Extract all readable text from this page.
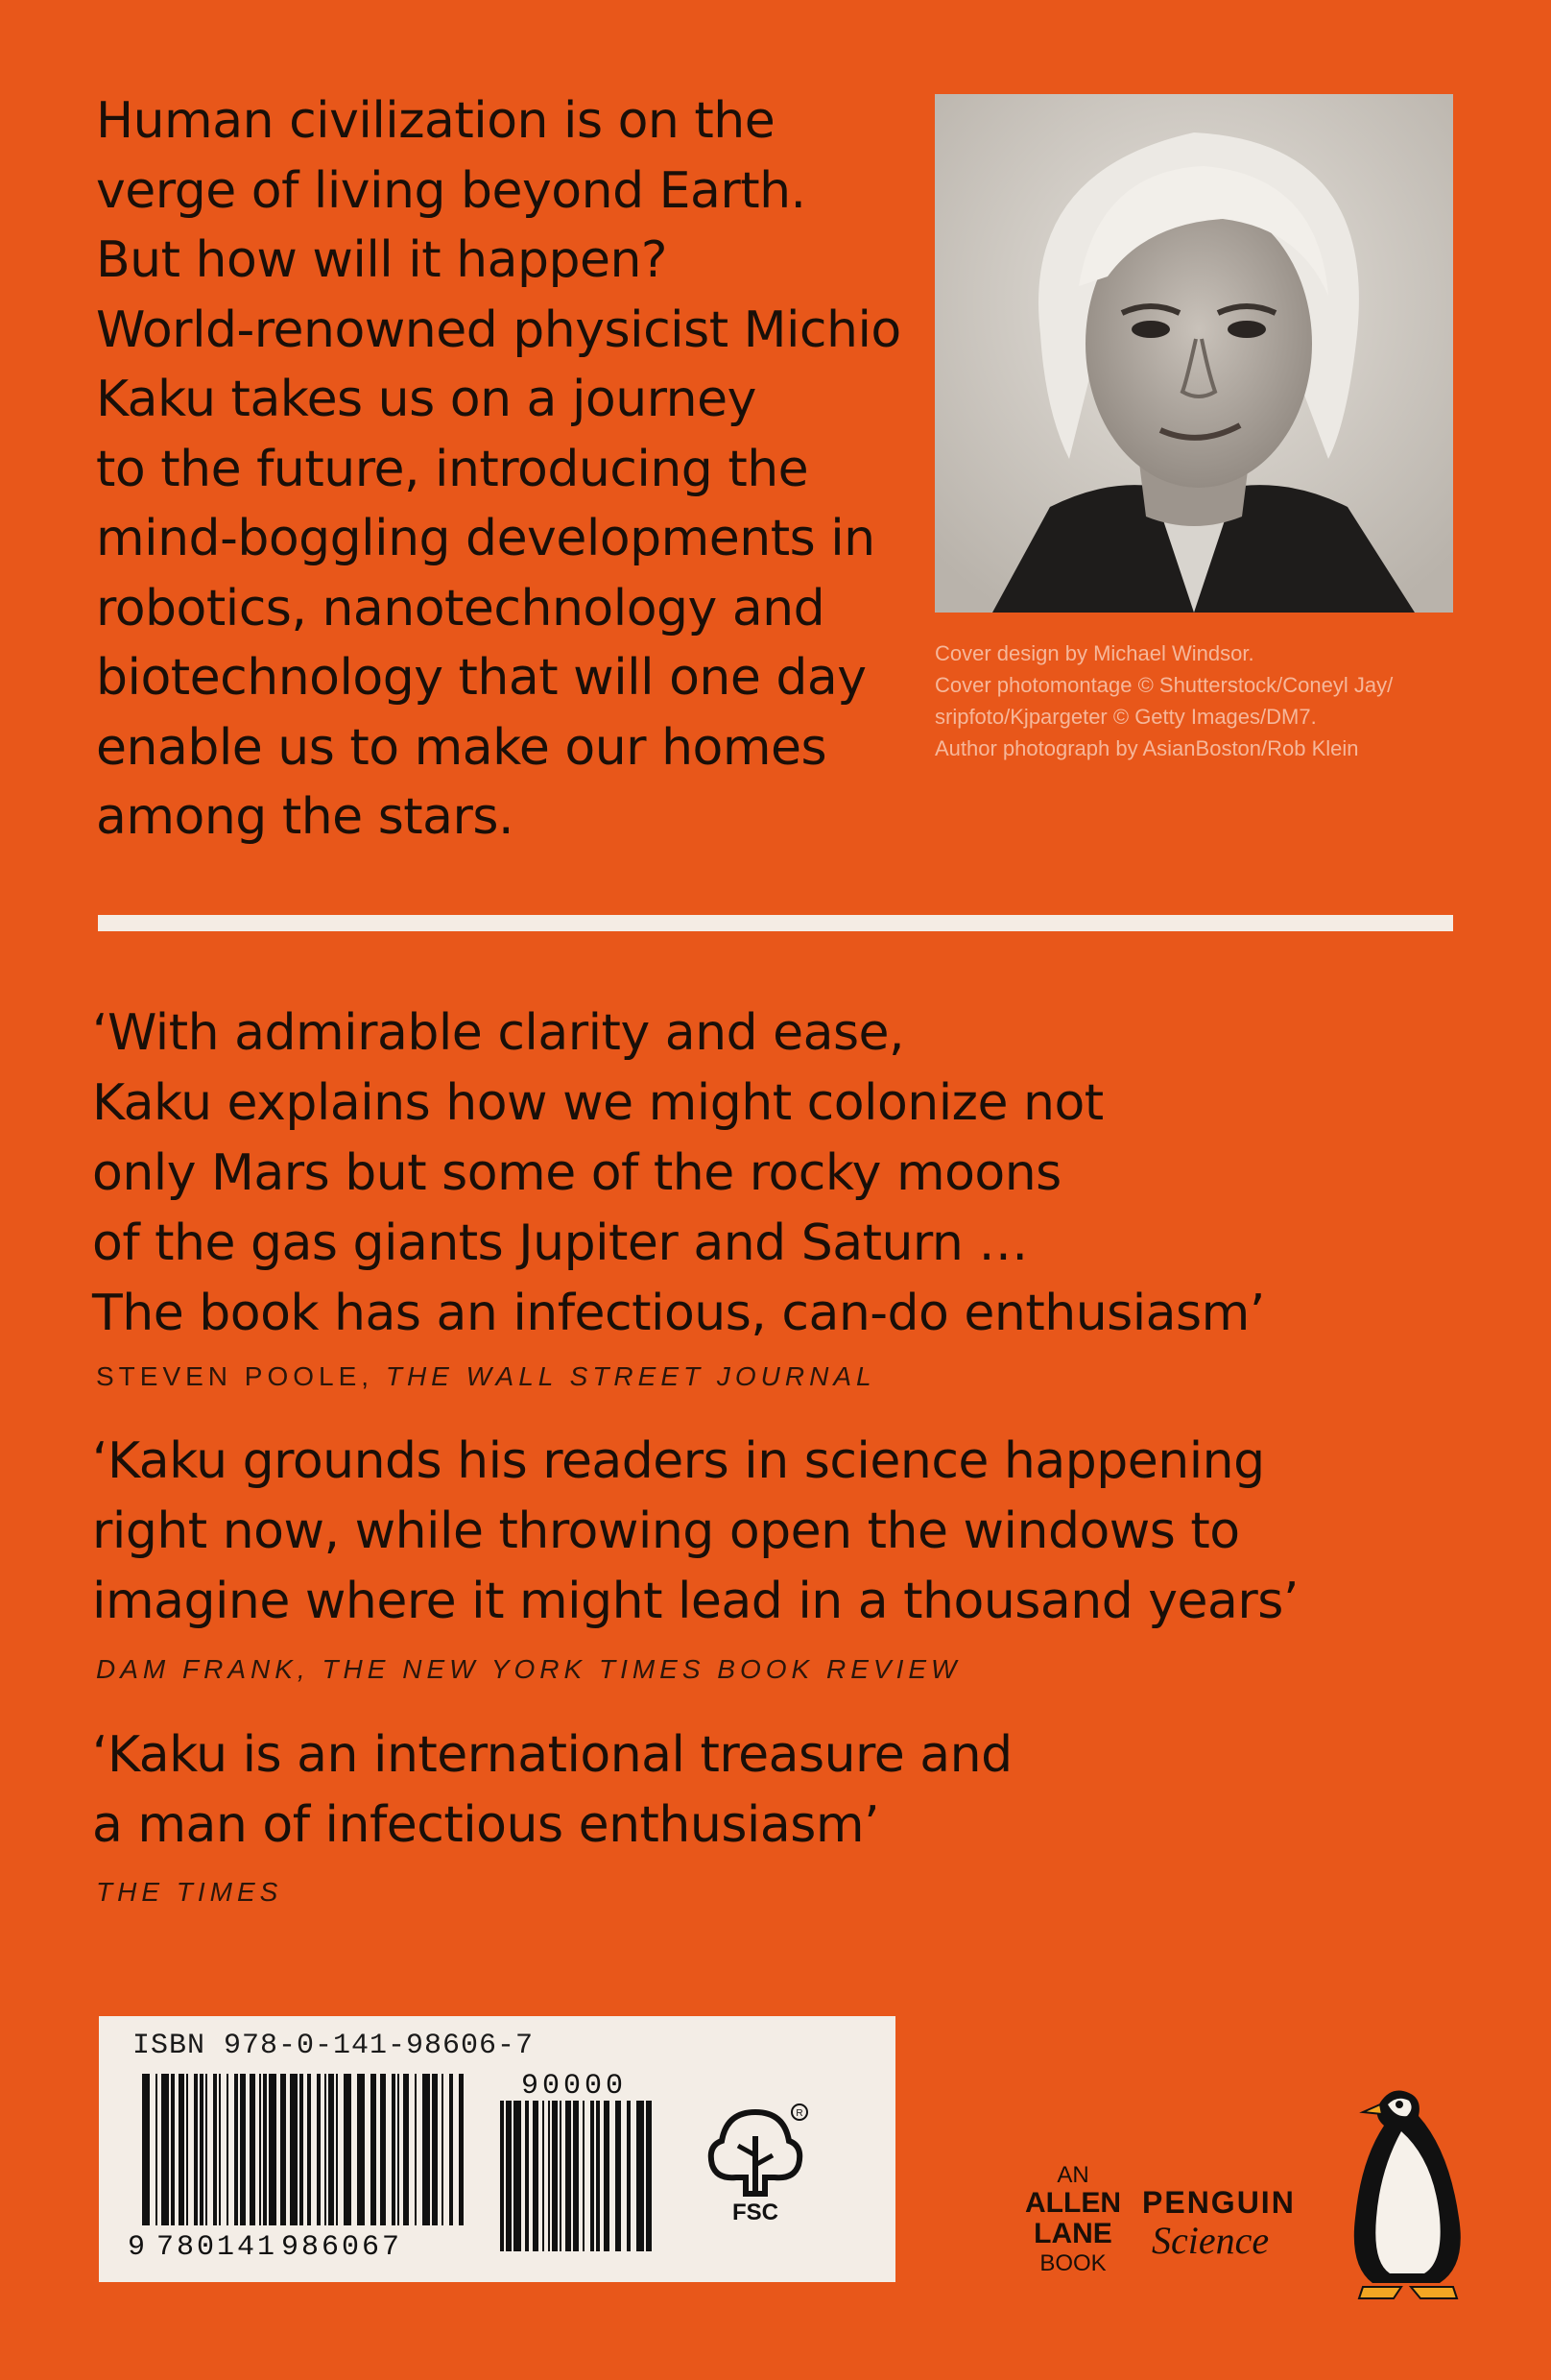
Human civilization is on the
verge of living beyond Earth.
But how will it happen?
World-renowned physicist Michio
Kaku takes us on a journey
to the future, introducing the
mind-boggling developments in
robotics, nanotechnology and
biotechnology that will one day
enable us to make our homes
among the stars.
Cover design by Michael Windsor.
Cover photomontage © Shutterstock/Coneyl Jay/
sripfoto/Kjpargeter © Getty Images/DM7.
Author photograph by AsianBoston/Rob Klein
‘With admirable clarity and ease,
Kaku explains how we might colonize not
only Mars but some of the rocky moons
of the gas giants Jupiter and Saturn …
The book has an infectious, can-do enthusiasm’
STEVEN POOLE, THE WALL STREET JOURNAL
‘Kaku grounds his readers in science happening
right now, while throwing open the windows to
imagine where it might lead in a thousand years’
DAM FRANK, THE NEW YORK TIMES BOOK REVIEW
‘Kaku is an international treasure and
a man of infectious enthusiasm’
THE TIMES
ISBN 978-0-141-98606-7
9 780141 986067
90000
FSC
R
AN
ALLEN
LANE
BOOK
PENGUIN
Science
